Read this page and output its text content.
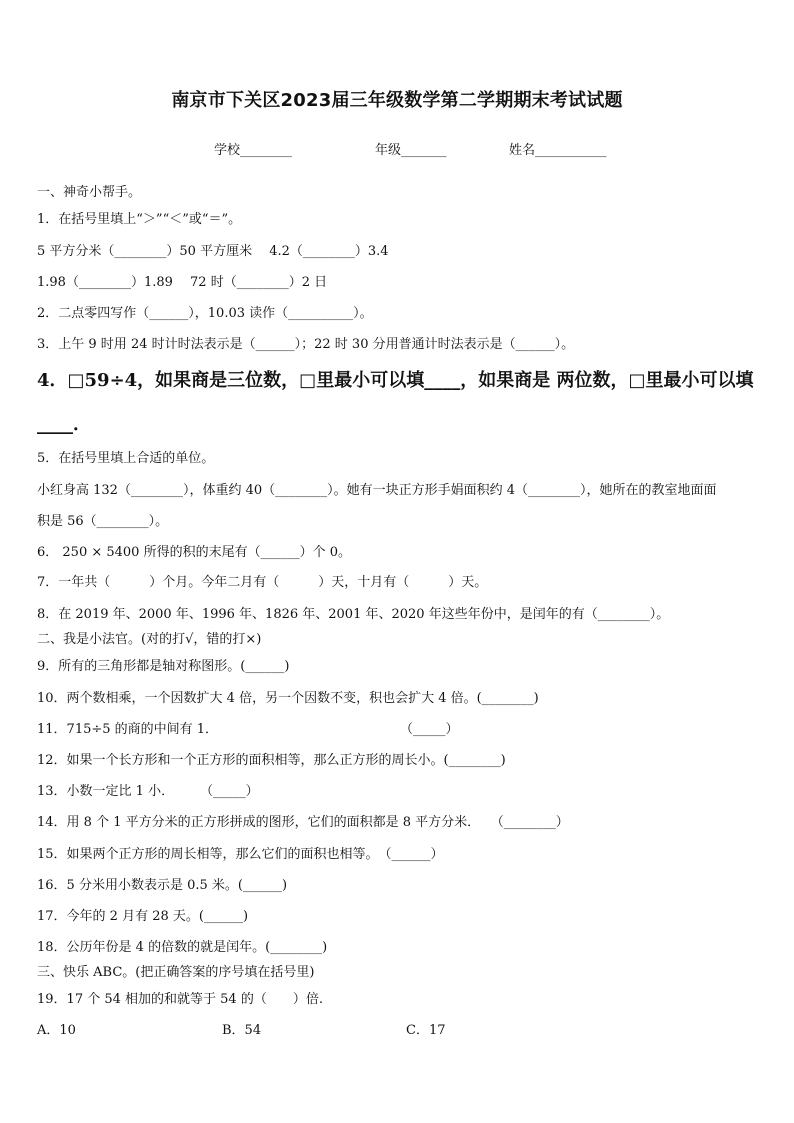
南京市下关区2023届三年级数学第二学期期末考试试题
学校________	年级_______	姓名___________
一、神奇小帮手。
1．在括号里填上“＞”“＜”或“＝”。
5 平方分米（________）50 平方厘米　 4.2（________）3.4
1.98（________）1.89　 72 时（________）2 日
2．二点零四写作（______），10.03 读作（__________）。
3．上午 9 时用 24 时计时法表示是（______）；22 时 30 分用普通计时法表示是（______）。
4．□59÷4，如果商是三位数，□里最小可以填____，如果商是 两位数，□里最小可以填
____．
5．在括号里填上合适的单位。
小红身高 132（________），体重约 40（________）。她有一块正方形手娟面积约 4（________），她所在的教室地面面
积是 56（________）。
6． 250 × 5400 所得的积的末尾有（______）个 0。
7．一年共（　　　）个月。今年二月有（　　　）天，十月有（　　　）天。
8．在 2019 年、2000 年、1996 年、1826 年、2001 年、2020 年这些年份中，是闰年的有（________）。
二、我是小法官。(对的打√，错的打×)
9．所有的三角形都是轴对称图形。(______)
10．两个数相乘，一个因数扩大 4 倍，另一个因数不变，积也会扩大 4 倍。(________)
11．715÷5 的商的中间有 1．　　　　　　　　　　　　　　　（_____）
12．如果一个长方形和一个正方形的面积相等，那么正方形的周长小。(________)
13．小数一定比 1 小．　　　（_____）
14．用 8 个 1 平方分米的正方形拼成的图形，它们的面积都是 8 平方分米．　 （________）
15．如果两个正方形的周长相等，那么它们的面积也相等。　（______）
16．5 分米用小数表示是 0.5 米。(______)
17．今年的 2 月有 28 天。(______)
18．公历年份是 4 的倍数的就是闰年。(________)
三、快乐 ABC。(把正确答案的序号填在括号里)
19．17 个 54 相加的和就等于 54 的（　　）倍.
A．10	B．54	C．17
